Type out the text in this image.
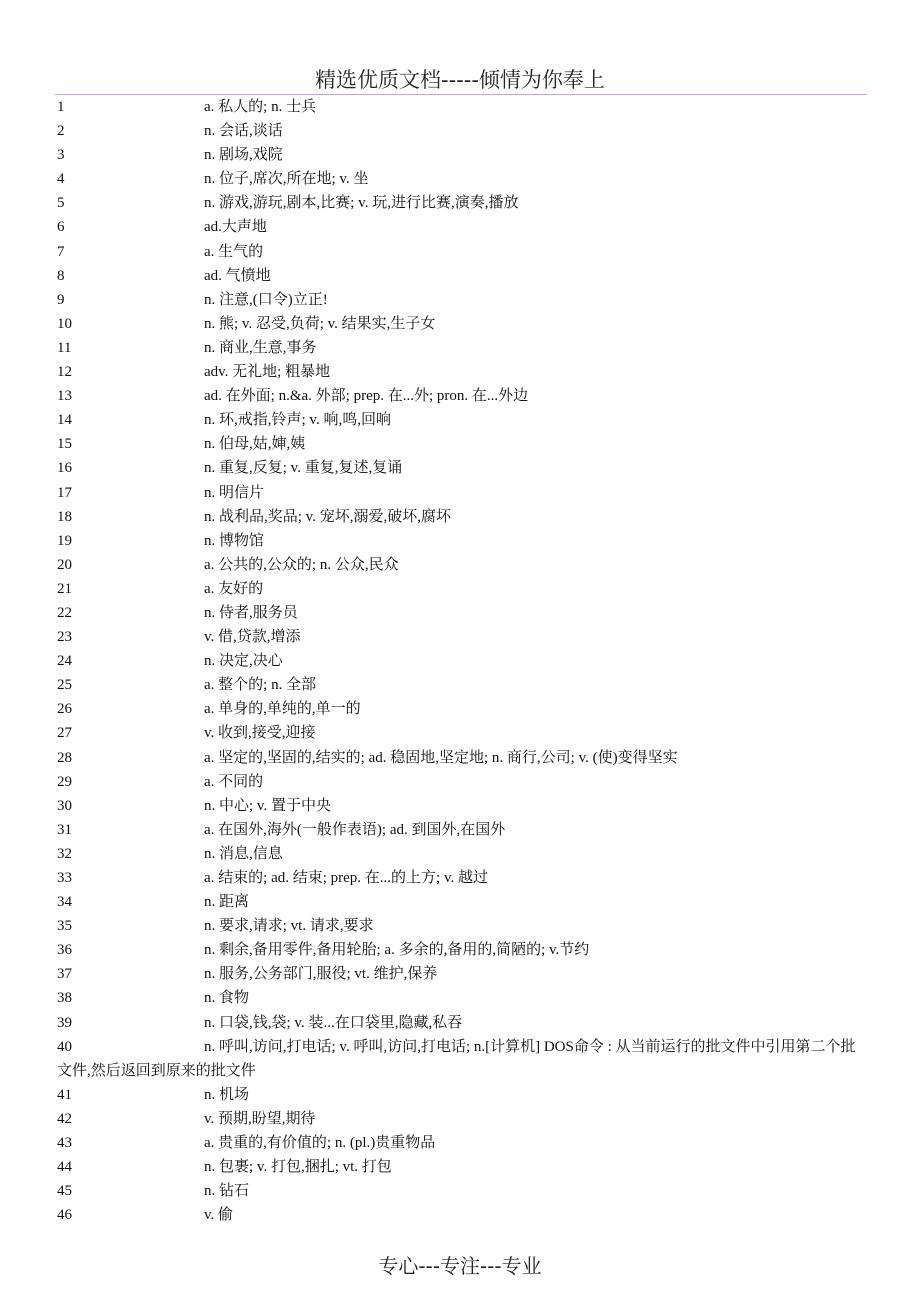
精选优质文档-----倾情为你奉上
1	a. 私人的; n. 士兵
2	n. 会话,谈话
3	n. 剧场,戏院
4	n. 位子,席次,所在地; v. 坐
5	n. 游戏,游玩,剧本,比赛; v. 玩,进行比赛,演奏,播放
6	ad.大声地
7	a. 生气的
8	ad. 气愤地
9	n. 注意,(口令)立正!
10	n. 熊; v. 忍受,负荷; v. 结果实,生子女
11	n. 商业,生意,事务
12	adv. 无礼地; 粗暴地
13	ad. 在外面; n.&a. 外部; prep. 在...外; pron. 在...外边
14	n. 环,戒指,铃声; v. 响,鸣,回响
15	n. 伯母,姑,婶,姨
16	n. 重复,反复; v. 重复,复述,复诵
17	n. 明信片
18	n. 战利品,奖品; v. 宠坏,溺爱,破坏,腐坏
19	n. 博物馆
20	a. 公共的,公众的; n. 公众,民众
21	a. 友好的
22	n. 侍者,服务员
23	v. 借,贷款,增添
24	n. 决定,决心
25	a. 整个的; n. 全部
26	a. 单身的,单纯的,单一的
27	v. 收到,接受,迎接
28	a. 坚定的,坚固的,结实的; ad. 稳固地,坚定地; n. 商行,公司; v. (使)变得坚实
29	a. 不同的
30	n. 中心; v. 置于中央
31	a. 在国外,海外(一般作表语); ad. 到国外,在国外
32	n. 消息,信息
33	a. 结束的; ad. 结束; prep. 在...的上方; v. 越过
34	n. 距离
35	n. 要求,请求; vt. 请求,要求
36	n. 剩余,备用零件,备用轮胎; a. 多余的,备用的,简陋的; v.节约
37	n. 服务,公务部门,服役; vt. 维护,保养
38	n. 食物
39	n. 口袋,钱,袋; v. 装...在口袋里,隐藏,私吞
40	n. 呼叫,访问,打电话; v. 呼叫,访问,打电话; n.[计算机] DOS命令 : 从当前运行的批文件中引用第二个批文件,然后返回到原来的批文件
41	n. 机场
42	v. 预期,盼望,期待
43	a. 贵重的,有价值的; n. (pl.)贵重物品
44	n. 包裹; v. 打包,捆扎; vt. 打包
45	n. 钻石
46	v. 偷
专心---专注---专业
